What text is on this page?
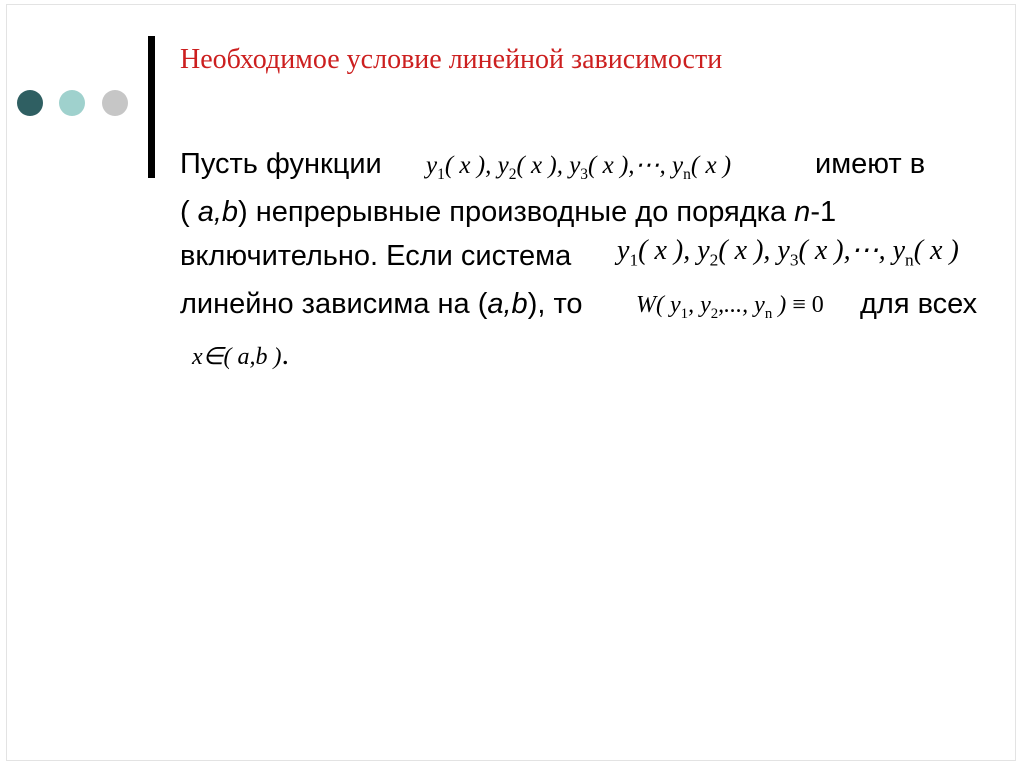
Необходимое условие линейной зависимости
Пусть функции $y_1$( x ), $y_2$( x ), $y_3$( x ),⋯, $y_n$( x )	имеют в
( a,b) непрерывные производные до порядка n-1
включительно. Если система $y_1$( x ), $y_2$( x ), $y_3$( x ),⋯, $y_n$( x )
линейно зависима на (a,b), то W( $y_1$, $y_2$,..., $y_n$ ) ≡ 0 для всех
x∈( a,b ).
